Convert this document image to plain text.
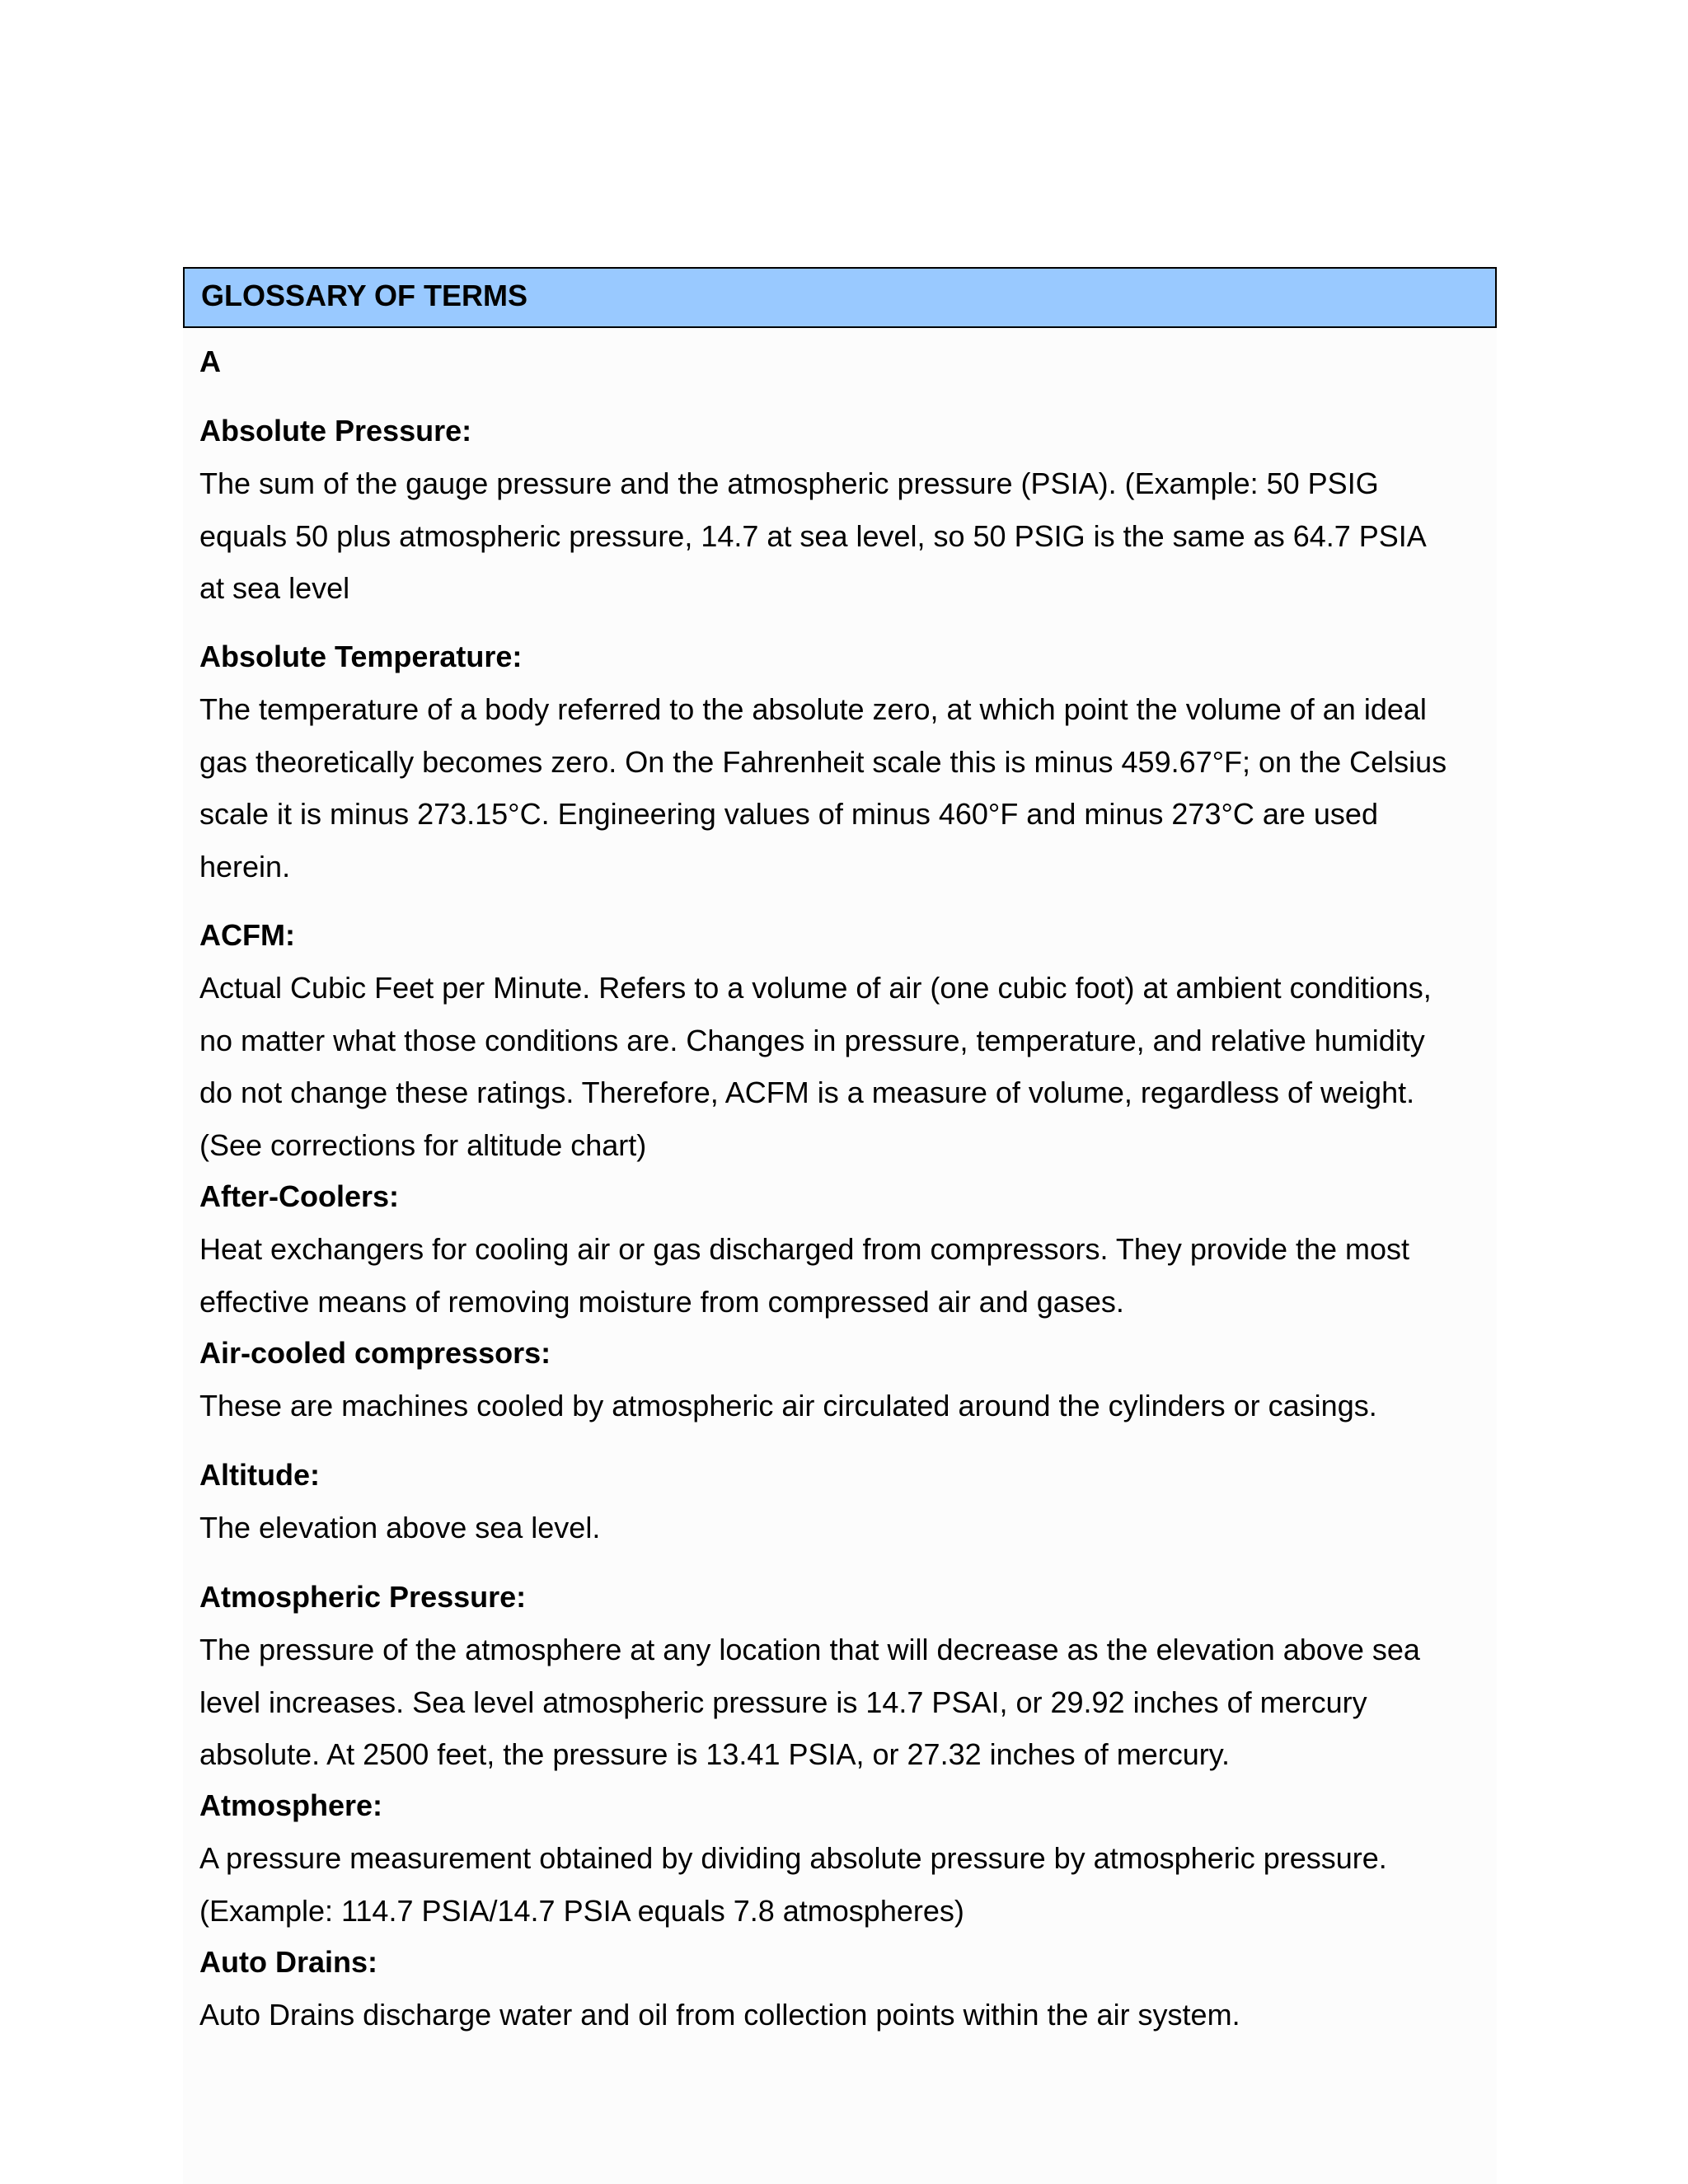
GLOSSARY OF TERMS
A
Absolute Pressure:
The sum of the gauge pressure and the atmospheric pressure (PSIA). (Example: 50 PSIG
equals 50 plus atmospheric pressure, 14.7 at sea level, so 50 PSIG is the same as 64.7 PSIA
at sea level
Absolute Temperature:
The temperature of a body referred to the absolute zero, at which point the volume of an ideal
gas theoretically becomes zero. On the Fahrenheit scale this is minus 459.67°F; on the Celsius
scale it is minus 273.15°C. Engineering values of minus 460°F and minus 273°C are used
herein.
ACFM:
Actual Cubic Feet per Minute. Refers to a volume of air (one cubic foot) at ambient conditions,
no matter what those conditions are. Changes in pressure, temperature, and relative humidity
do not change these ratings. Therefore, ACFM is a measure of volume, regardless of weight.
(See corrections for altitude chart)
After-Coolers:
Heat exchangers for cooling air or gas discharged from compressors. They provide the most
effective means of removing moisture from compressed air and gases.
Air-cooled compressors:
These are machines cooled by atmospheric air circulated around the cylinders or casings.
Altitude:
The elevation above sea level.
Atmospheric Pressure:
The pressure of the atmosphere at any location that will decrease as the elevation above sea
level increases. Sea level atmospheric pressure is 14.7 PSAI, or 29.92 inches of mercury
absolute. At 2500 feet, the pressure is 13.41 PSIA, or 27.32 inches of mercury.
Atmosphere:
A pressure measurement obtained by dividing absolute pressure by atmospheric pressure.
(Example: 114.7 PSIA/14.7 PSIA equals 7.8 atmospheres)
Auto Drains:
Auto Drains discharge water and oil from collection points within the air system.
